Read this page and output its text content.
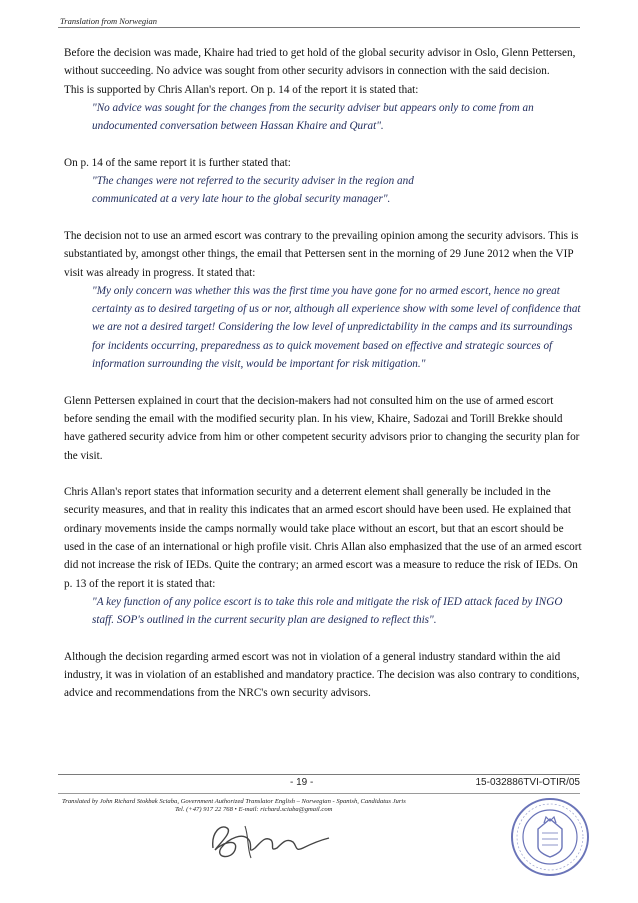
Translation from Norwegian

Before the decision was made, Khaire had tried to get hold of the global security advisor in Oslo, Glenn Pettersen, without succeeding. No advice was sought from other security advisors in connection with the said decision.

This is supported by Chris Allan's report. On p. 14 of the report it is stated that:

"No advice was sought for the changes from the security adviser but appears only to come from an undocumented conversation between Hassan Khaire and Qurat".

On p. 14 of the same report it is further stated that:

"The changes were not referred to the security adviser in the region and

communicated at a very late hour to the global security manager".

The decision not to use an armed escort was contrary to the prevailing opinion among the security advisors. This is substantiated by, amongst other things, the email that Pettersen sent in the morning of 29 June 2012 when the VIP visit was already in progress. It stated that:

"My only concern was whether this was the first time you have gone for no armed escort, hence no great certainty as to desired targeting of us or nor, although all experience show with some level of confidence that we are not a desired target! Considering the low level of unpredictability in the camps and its surroundings for incidents occurring, preparedness as to quick movement based on effective and strategic sources of information surrounding the visit, would be important for risk mitigation."

Glenn Pettersen explained in court that the decision-makers had not consulted him on the use of armed escort before sending the email with the modified security plan. In his view, Khaire, Sadozai and Torill Brekke should have gathered security advice from him or other competent security advisors prior to changing the security plan for the visit.

Chris Allan's report states that information security and a deterrent element shall generally be included in the security measures, and that in reality this indicates that an armed escort should have been used. He explained that ordinary movements inside the camps normally would take place without an escort, but that an escort should be used in the case of an international or high profile visit. Chris Allan also emphasized that the use of an armed escort did not increase the risk of IEDs. Quite the contrary; an armed escort was a measure to reduce the risk of IEDs. On p. 13 of the report it is stated that:

"A key function of any police escort is to take this role and mitigate the risk of IED attack faced by INGO staff. SOP's outlined in the current security plan are designed to reflect this".

Although the decision regarding armed escort was not in violation of a general industry standard within the aid industry, it was in violation of an established and mandatory practice. The decision was also contrary to conditions, advice and recommendations from the NRC's own security advisors.

- 19 -	15-032886TVI-OTIR/05
Translated by John Richard Stokbak Sciaba, Government Authorized Translator English – Norwegian - Spanish, Candidatus Juris
Tel. (+47) 917 22 768 • E-mail: richard.sciaba@gmail.com
